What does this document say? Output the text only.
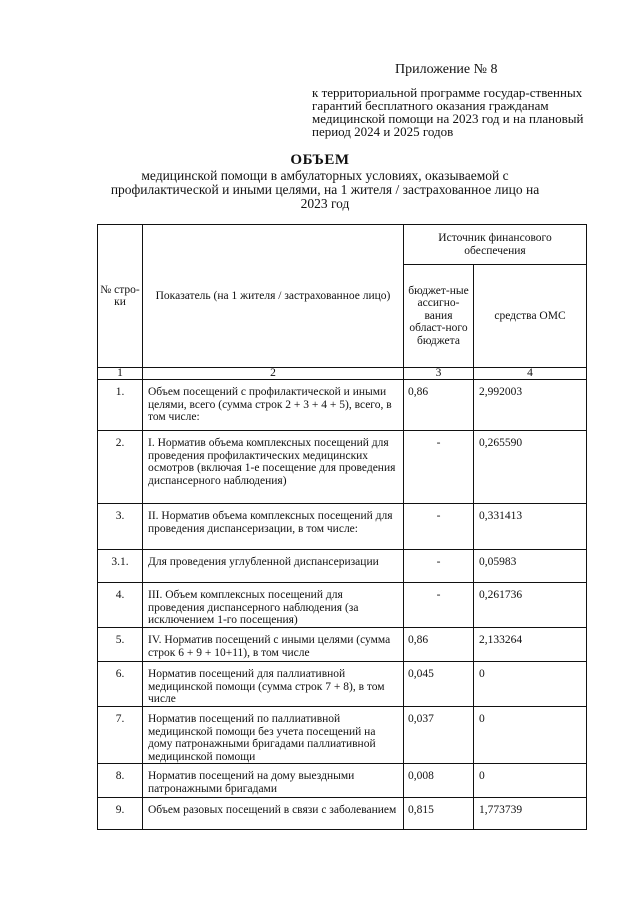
Приложение № 8
к территориальной программе государ-ственных гарантий бесплатного оказания гражданам медицинской помощи на 2023 год и на плановый период 2024 и 2025 годов
ОБЪЕМ
медицинской помощи в амбулаторных условиях, оказываемой с профилактической и иными целями, на 1 жителя / застрахованное лицо на 2023 год
№ стро-ки	Показатель (на 1 жителя / застрахованное лицо)	Источник финансового обеспечения	
		бюджет-ные ассигно-вания област-ного бюджета	средства ОМС
1	2	3	4
1.	Объем посещений с профилактической и иными целями, всего (сумма строк 2 + 3 + 4 + 5), всего, в том числе:	0,86	2,992003
2.	I. Норматив объема комплексных посещений для проведения профилактических медицинских осмотров (включая 1-е посещение для проведения диспансерного наблюдения)	-	0,265590
3.	II. Норматив объема комплексных посещений для проведения диспансеризации, в том числе:	-	0,331413
3.1.	Для проведения углубленной диспансеризации	-	0,05983
4.	III. Объем комплексных посещений для проведения диспансерного наблюдения (за исключением 1-го посещения)	-	0,261736
5.	IV. Норматив посещений с иными целями (сумма строк 6 + 9 + 10+11), в том числе	0,86	2,133264
6.	Норматив посещений для паллиативной медицинской помощи (сумма строк 7 + 8), в том числе	0,045	0
7.	Норматив посещений по паллиативной медицинской помощи без учета посещений на дому патронажными бригадами паллиативной медицинской помощи	0,037	0
8.	Норматив посещений на дому выездными патронажными бригадами	0,008	0
9.	Объем разовых посещений в связи с заболеванием	0,815	1,773739
